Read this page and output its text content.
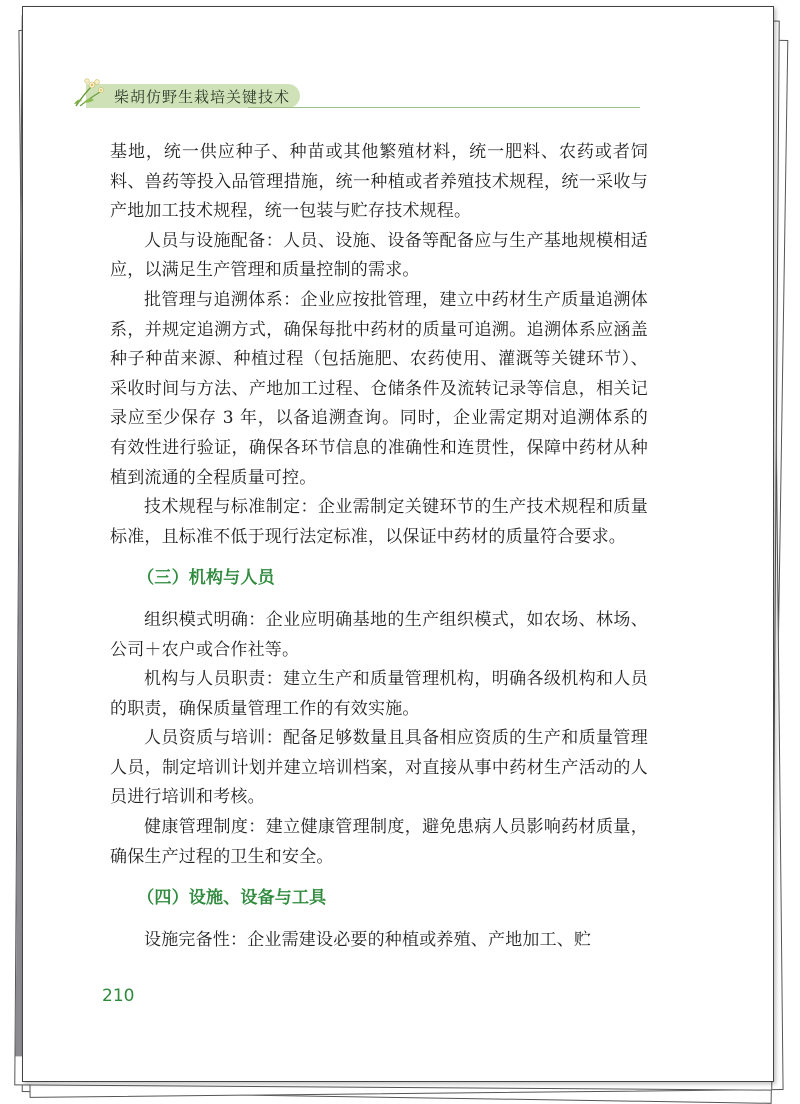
柴胡仿野生栽培关键技术

基地，统一供应种子、种苗或其他繁殖材料，统一肥料、农药或者饲料、兽药等投入品管理措施，统一种植或者养殖技术规程，统一采收与产地加工技术规程，统一包装与贮存技术规程。

人员与设施配备：人员、设施、设备等配备应与生产基地规模相适应，以满足生产管理和质量控制的需求。

批管理与追溯体系：企业应按批管理，建立中药材生产质量追溯体系，并规定追溯方式，确保每批中药材的质量可追溯。追溯体系应涵盖种子种苗来源、种植过程（包括施肥、农药使用、灌溉等关键环节）、采收时间与方法、产地加工过程、仓储条件及流转记录等信息，相关记录应至少保存 3 年，以备追溯查询。同时，企业需定期对追溯体系的有效性进行验证，确保各环节信息的准确性和连贯性，保障中药材从种植到流通的全程质量可控。

技术规程与标准制定：企业需制定关键环节的生产技术规程和质量标准，且标准不低于现行法定标准，以保证中药材的质量符合要求。

（三）机构与人员

组织模式明确：企业应明确基地的生产组织模式，如农场、林场、公司＋农户或合作社等。

机构与人员职责：建立生产和质量管理机构，明确各级机构和人员的职责，确保质量管理工作的有效实施。

人员资质与培训：配备足够数量且具备相应资质的生产和质量管理人员，制定培训计划并建立培训档案，对直接从事中药材生产活动的人员进行培训和考核。

健康管理制度：建立健康管理制度，避免患病人员影响药材质量，确保生产过程的卫生和安全。

（四）设施、设备与工具

设施完备性：企业需建设必要的种植或养殖、产地加工、贮

210
